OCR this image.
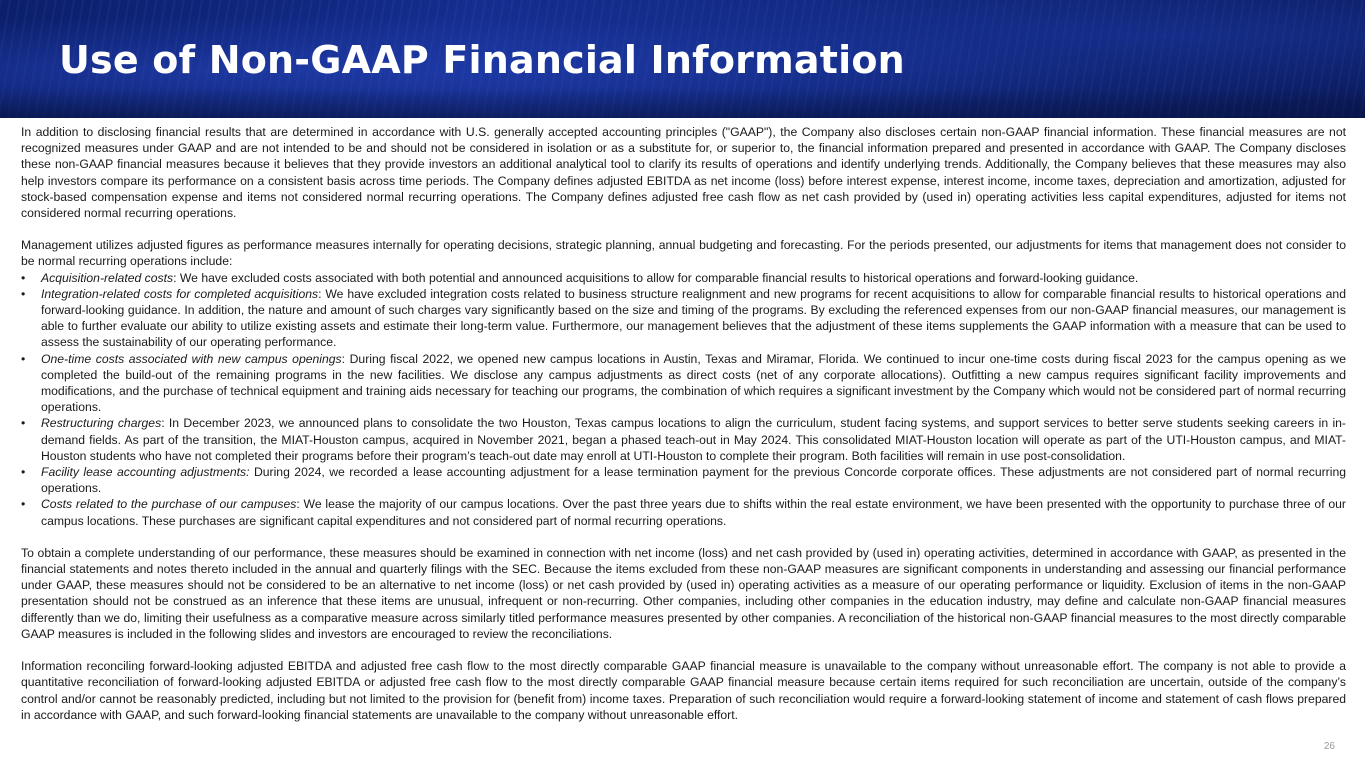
Use of Non-GAAP Financial Information

In addition to disclosing financial results that are determined in accordance with U.S. generally accepted accounting principles ("GAAP"), the Company also discloses certain non-GAAP financial information. These financial measures are not recognized measures under GAAP and are not intended to be and should not be considered in isolation or as a substitute for, or superior to, the financial information prepared and presented in accordance with GAAP. The Company discloses these non-GAAP financial measures because it believes that they provide investors an additional analytical tool to clarify its results of operations and identify underlying trends. Additionally, the Company believes that these measures may also help investors compare its performance on a consistent basis across time periods. The Company defines adjusted EBITDA as net income (loss) before interest expense, interest income, income taxes, depreciation and amortization, adjusted for stock-based compensation expense and items not considered normal recurring operations. The Company defines adjusted free cash flow as net cash provided by (used in) operating activities less capital expenditures, adjusted for items not considered normal recurring operations.

Management utilizes adjusted figures as performance measures internally for operating decisions, strategic planning, annual budgeting and forecasting. For the periods presented, our adjustments for items that management does not consider to be normal recurring operations include:

• Acquisition-related costs: We have excluded costs associated with both potential and announced acquisitions to allow for comparable financial results to historical operations and forward-looking guidance.
• Integration-related costs for completed acquisitions: We have excluded integration costs related to business structure realignment and new programs for recent acquisitions to allow for comparable financial results to historical operations and forward-looking guidance. In addition, the nature and amount of such charges vary significantly based on the size and timing of the programs. By excluding the referenced expenses from our non-GAAP financial measures, our management is able to further evaluate our ability to utilize existing assets and estimate their long-term value. Furthermore, our management believes that the adjustment of these items supplements the GAAP information with a measure that can be used to assess the sustainability of our operating performance.
• One-time costs associated with new campus openings: During fiscal 2022, we opened new campus locations in Austin, Texas and Miramar, Florida. We continued to incur one-time costs during fiscal 2023 for the campus opening as we completed the build-out of the remaining programs in the new facilities. We disclose any campus adjustments as direct costs (net of any corporate allocations). Outfitting a new campus requires significant facility improvements and modifications, and the purchase of technical equipment and training aids necessary for teaching our programs, the combination of which requires a significant investment by the Company which would not be considered part of normal recurring operations.
• Restructuring charges: In December 2023, we announced plans to consolidate the two Houston, Texas campus locations to align the curriculum, student facing systems, and support services to better serve students seeking careers in in-demand fields. As part of the transition, the MIAT-Houston campus, acquired in November 2021, began a phased teach-out in May 2024. This consolidated MIAT-Houston location will operate as part of the UTI-Houston campus, and MIAT-Houston students who have not completed their programs before their program’s teach-out date may enroll at UTI-Houston to complete their program. Both facilities will remain in use post-consolidation.
• Facility lease accounting adjustments: During 2024, we recorded a lease accounting adjustment for a lease termination payment for the previous Concorde corporate offices. These adjustments are not considered part of normal recurring operations.
• Costs related to the purchase of our campuses: We lease the majority of our campus locations. Over the past three years due to shifts within the real estate environment, we have been presented with the opportunity to purchase three of our campus locations. These purchases are significant capital expenditures and not considered part of normal recurring operations.

To obtain a complete understanding of our performance, these measures should be examined in connection with net income (loss) and net cash provided by (used in) operating activities, determined in accordance with GAAP, as presented in the financial statements and notes thereto included in the annual and quarterly filings with the SEC. Because the items excluded from these non-GAAP measures are significant components in understanding and assessing our financial performance under GAAP, these measures should not be considered to be an alternative to net income (loss) or net cash provided by (used in) operating activities as a measure of our operating performance or liquidity. Exclusion of items in the non-GAAP presentation should not be construed as an inference that these items are unusual, infrequent or non-recurring. Other companies, including other companies in the education industry, may define and calculate non-GAAP financial measures differently than we do, limiting their usefulness as a comparative measure across similarly titled performance measures presented by other companies. A reconciliation of the historical non-GAAP financial measures to the most directly comparable GAAP measures is included in the following slides and investors are encouraged to review the reconciliations.

Information reconciling forward-looking adjusted EBITDA and adjusted free cash flow to the most directly comparable GAAP financial measure is unavailable to the company without unreasonable effort. The company is not able to provide a quantitative reconciliation of forward-looking adjusted EBITDA or adjusted free cash flow to the most directly comparable GAAP financial measure because certain items required for such reconciliation are uncertain, outside of the company’s control and/or cannot be reasonably predicted, including but not limited to the provision for (benefit from) income taxes. Preparation of such reconciliation would require a forward-looking statement of income and statement of cash flows prepared in accordance with GAAP, and such forward-looking financial statements are unavailable to the company without unreasonable effort.

26
